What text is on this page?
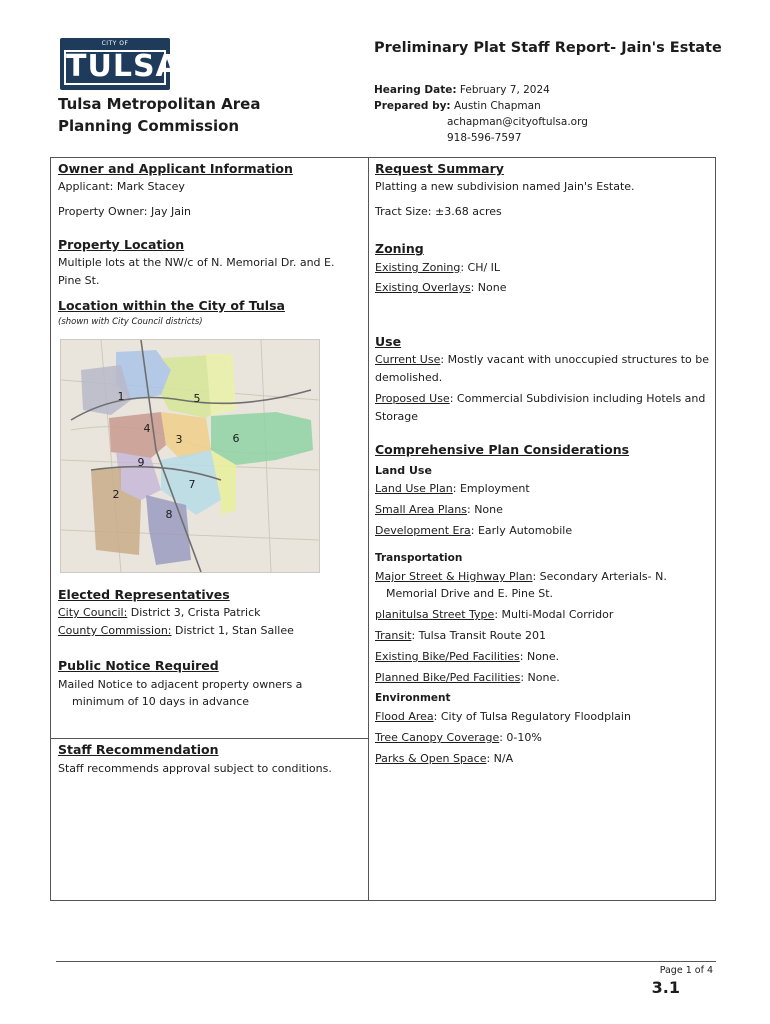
CITY OF
TULSA
Tulsa Metropolitan Area
Planning Commission
Preliminary Plat Staff Report- Jain's Estate
Hearing Date: February 7, 2024
Prepared by: Austin Chapman
achapman@cityoftulsa.org
918-596-7597
Owner and Applicant Information
Applicant: Mark Stacey
Property Owner: Jay Jain
Property Location
Multiple lots at the NW/c of N. Memorial Dr. and E. Pine St.
Location within the City of Tulsa
(shown with City Council districts)
1
2
3
4
5
6
7
8
9
Elected Representatives
City Council: District 3, Crista Patrick
County Commission: District 1, Stan Sallee
Public Notice Required
Mailed Notice to adjacent property owners a
minimum of 10 days in advance
Staff Recommendation
Staff recommends approval subject to conditions.
Request Summary
Platting a new subdivision named Jain's Estate.
Tract Size: ±3.68 acres
Zoning
Existing Zoning: CH/ IL
Existing Overlays: None
Use
Current Use: Mostly vacant with unoccupied structures to be demolished.
Proposed Use: Commercial Subdivision including Hotels and Storage
Comprehensive Plan Considerations
Land Use
Land Use Plan: Employment
Small Area Plans: None
Development Era: Early Automobile
Transportation
Major Street & Highway Plan: Secondary Arterials- N.
Memorial Drive and E. Pine St.
planitulsa Street Type: Multi-Modal Corridor
Transit: Tulsa Transit Route 201
Existing Bike/Ped Facilities: None.
Planned Bike/Ped Facilities: None.
Environment
Flood Area: City of Tulsa Regulatory Floodplain
Tree Canopy Coverage: 0-10%
Parks & Open Space: N/A
Page 1 of 4
3.1
